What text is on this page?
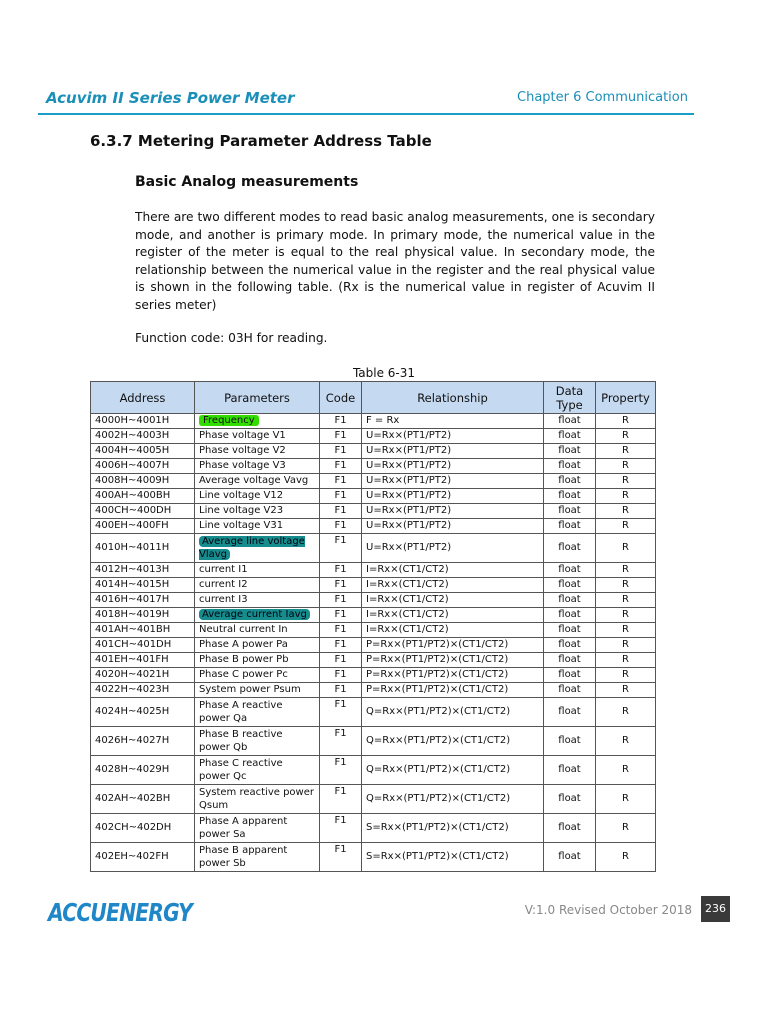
Acuvim II Series Power Meter	Chapter 6 Communication
6.3.7 Metering Parameter Address Table
Basic Analog measurements
There are two different modes to read basic analog measurements, one is secondary mode, and another is primary mode. In primary mode, the numerical value in the register of the meter is equal to the real physical value. In secondary mode, the relationship between the numerical value in the register and the real physical value is shown in the following table. (Rx is the numerical value in register of Acuvim II series meter)
Function code: 03H for reading.
Table 6-31
Address	Parameters	Code	Relationship	Data Type	Property
4000H~4001H	Frequency	F1	F = Rx	float	R
4002H~4003H	Phase voltage V1	F1	U=Rx×(PT1/PT2)	float	R
4004H~4005H	Phase voltage V2	F1	U=Rx×(PT1/PT2)	float	R
4006H~4007H	Phase voltage V3	F1	U=Rx×(PT1/PT2)	float	R
4008H~4009H	Average voltage Vavg	F1	U=Rx×(PT1/PT2)	float	R
400AH~400BH	Line voltage V12	F1	U=Rx×(PT1/PT2)	float	R
400CH~400DH	Line voltage V23	F1	U=Rx×(PT1/PT2)	float	R
400EH~400FH	Line voltage V31	F1	U=Rx×(PT1/PT2)	float	R
4010H~4011H	Average line voltage Vlavg	F1	U=Rx×(PT1/PT2)	float	R
4012H~4013H	current I1	F1	I=Rx×(CT1/CT2)	float	R
4014H~4015H	current I2	F1	I=Rx×(CT1/CT2)	float	R
4016H~4017H	current I3	F1	I=Rx×(CT1/CT2)	float	R
4018H~4019H	Average current Iavg	F1	I=Rx×(CT1/CT2)	float	R
401AH~401BH	Neutral current In	F1	I=Rx×(CT1/CT2)	float	R
401CH~401DH	Phase A power Pa	F1	P=Rx×(PT1/PT2)×(CT1/CT2)	float	R
401EH~401FH	Phase B power Pb	F1	P=Rx×(PT1/PT2)×(CT1/CT2)	float	R
4020H~4021H	Phase C power Pc	F1	P=Rx×(PT1/PT2)×(CT1/CT2)	float	R
4022H~4023H	System power Psum	F1	P=Rx×(PT1/PT2)×(CT1/CT2)	float	R
4024H~4025H	Phase A reactive power Qa	F1	Q=Rx×(PT1/PT2)×(CT1/CT2)	float	R
4026H~4027H	Phase B reactive power Qb	F1	Q=Rx×(PT1/PT2)×(CT1/CT2)	float	R
4028H~4029H	Phase C reactive power Qc	F1	Q=Rx×(PT1/PT2)×(CT1/CT2)	float	R
402AH~402BH	System reactive power Qsum	F1	Q=Rx×(PT1/PT2)×(CT1/CT2)	float	R
402CH~402DH	Phase A apparent power Sa	F1	S=Rx×(PT1/PT2)×(CT1/CT2)	float	R
402EH~402FH	Phase B apparent power Sb	F1	S=Rx×(PT1/PT2)×(CT1/CT2)	float	R
ACCUENERGY	V:1.0 Revised October 2018	236
